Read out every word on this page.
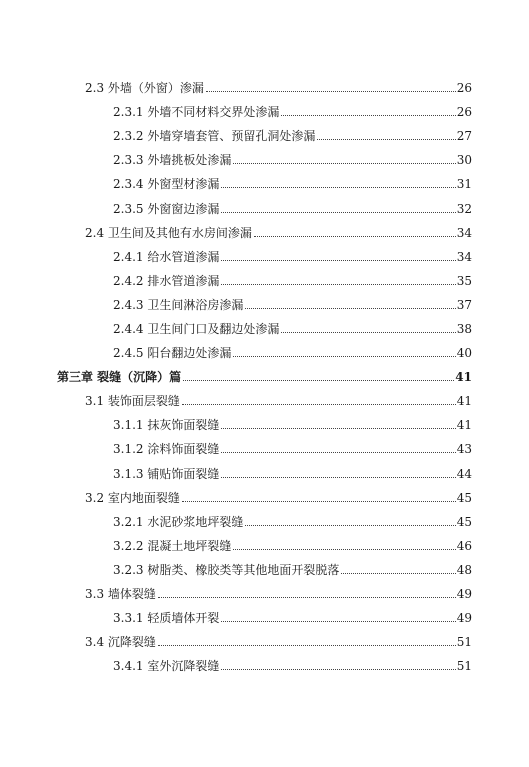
2.3 外墙（外窗）渗漏	26
2.3.1 外墙不同材料交界处渗漏	26
2.3.2 外墙穿墙套管、预留孔洞处渗漏	27
2.3.3 外墙挑板处渗漏	30
2.3.4 外窗型材渗漏	31
2.3.5 外窗窗边渗漏	32
2.4 卫生间及其他有水房间渗漏	34
2.4.1 给水管道渗漏	34
2.4.2 排水管道渗漏	35
2.4.3 卫生间淋浴房渗漏	37
2.4.4 卫生间门口及翻边处渗漏	38
2.4.5 阳台翻边处渗漏	40
第三章 裂缝（沉降）篇	41
3.1 装饰面层裂缝	41
3.1.1 抹灰饰面裂缝	41
3.1.2 涂料饰面裂缝	43
3.1.3 铺贴饰面裂缝	44
3.2 室内地面裂缝	45
3.2.1 水泥砂浆地坪裂缝	45
3.2.2 混凝土地坪裂缝	46
3.2.3 树脂类、橡胶类等其他地面开裂脱落	48
3.3 墙体裂缝	49
3.3.1 轻质墙体开裂	49
3.4 沉降裂缝	51
3.4.1 室外沉降裂缝	51
